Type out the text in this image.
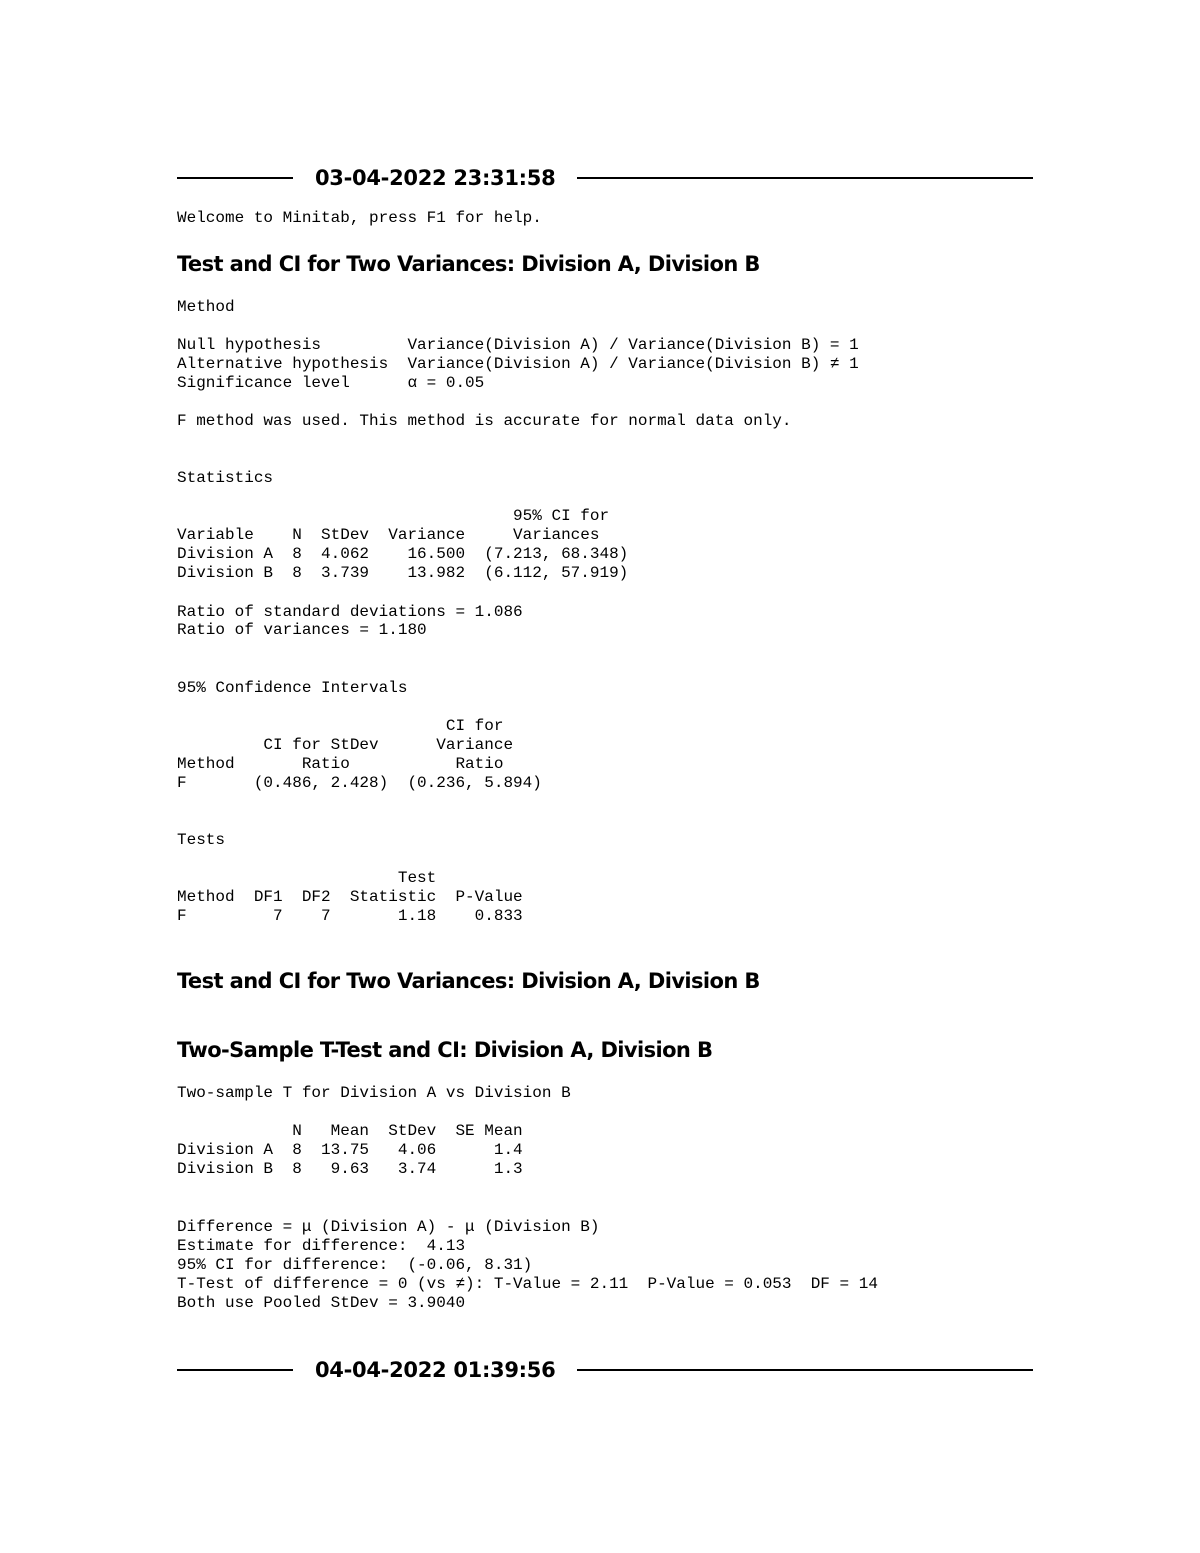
03-04-2022 23:31:58
Welcome to Minitab, press F1 for help.
Test and CI for Two Variances: Division A, Division B
Method
Null hypothesis         Variance(Division A) / Variance(Division B) = 1
Alternative hypothesis  Variance(Division A) / Variance(Division B) ≠ 1
Significance level      α = 0.05
F method was used. This method is accurate for normal data only.
Statistics
95% CI for
Variable    N  StDev  Variance     Variances
Division A  8  4.062    16.500  (7.213, 68.348)
Division B  8  3.739    13.982  (6.112, 57.919)
Ratio of standard deviations = 1.086
Ratio of variances = 1.180
95% Confidence Intervals
CI for
CI for StDev      Variance
Method       Ratio           Ratio
F       (0.486, 2.428)  (0.236, 5.894)
Tests
Test
Method  DF1  DF2  Statistic  P-Value
F         7    7       1.18    0.833
Test and CI for Two Variances: Division A, Division B
Two-Sample T-Test and CI: Division A, Division B
Two-sample T for Division A vs Division B
N   Mean  StDev  SE Mean
Division A  8  13.75   4.06      1.4
Division B  8   9.63   3.74      1.3
Difference = μ (Division A) - μ (Division B)
Estimate for difference:  4.13
95% CI for difference:  (-0.06, 8.31)
T-Test of difference = 0 (vs ≠): T-Value = 2.11  P-Value = 0.053  DF = 14
Both use Pooled StDev = 3.9040
04-04-2022 01:39:56
